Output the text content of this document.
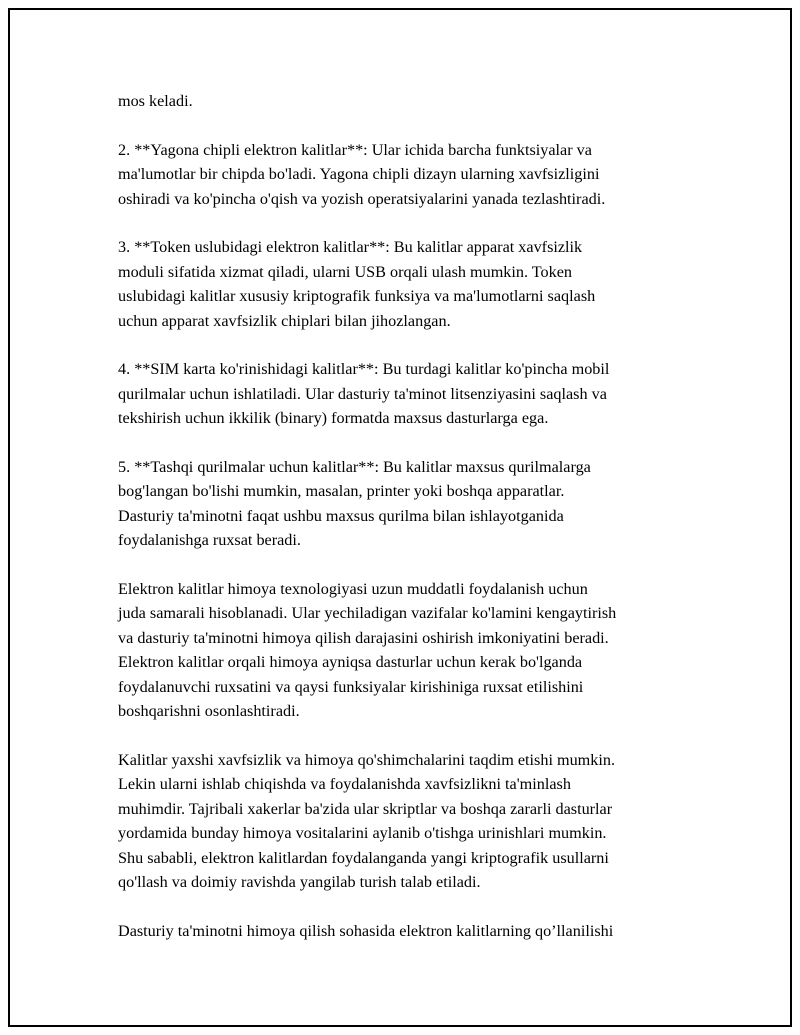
mos keladi.

2. **Yagona chipli elektron kalitlar**: Ular ichida barcha funktsiyalar va
ma'lumotlar bir chipda bo'ladi. Yagona chipli dizayn ularning xavfsizligini
oshiradi va ko'pincha o'qish va yozish operatsiyalarini yanada tezlashtiradi.

3. **Token uslubidagi elektron kalitlar**: Bu kalitlar apparat xavfsizlik
moduli sifatida xizmat qiladi, ularni USB orqali ulash mumkin. Token
uslubidagi kalitlar xususiy kriptografik funksiya va ma'lumotlarni saqlash
uchun apparat xavfsizlik chiplari bilan jihozlangan.

4. **SIM karta ko'rinishidagi kalitlar**: Bu turdagi kalitlar ko'pincha mobil
qurilmalar uchun ishlatiladi. Ular dasturiy ta'minot litsenziyasini saqlash va
tekshirish uchun ikkilik (binary) formatda maxsus dasturlarga ega.

5. **Tashqi qurilmalar uchun kalitlar**: Bu kalitlar maxsus qurilmalarga
bog'langan bo'lishi mumkin, masalan, printer yoki boshqa apparatlar.
Dasturiy ta'minotni faqat ushbu maxsus qurilma bilan ishlayotganida
foydalanishga ruxsat beradi.

Elektron kalitlar himoya texnologiyasi uzun muddatli foydalanish uchun
juda samarali hisoblanadi. Ular yechiladigan vazifalar ko'lamini kengaytirish
va dasturiy ta'minotni himoya qilish darajasini oshirish imkoniyatini beradi.
Elektron kalitlar orqali himoya ayniqsa dasturlar uchun kerak bo'lganda
foydalanuvchi ruxsatini va qaysi funksiyalar kirishiniga ruxsat etilishini
boshqarishni osonlashtiradi.

Kalitlar yaxshi xavfsizlik va himoya qo'shimchalarini taqdim etishi mumkin.
Lekin ularni ishlab chiqishda va foydalanishda xavfsizlikni ta'minlash
muhimdir. Tajribali xakerlar ba'zida ular skriptlar va boshqa zararli dasturlar
yordamida bunday himoya vositalarini aylanib o'tishga urinishlari mumkin.
Shu sababli, elektron kalitlardan foydalanganda yangi kriptografik usullarni
qo'llash va doimiy ravishda yangilab turish talab etiladi.

Dasturiy ta'minotni himoya qilish sohasida elektron kalitlarning qo’llanilishi
